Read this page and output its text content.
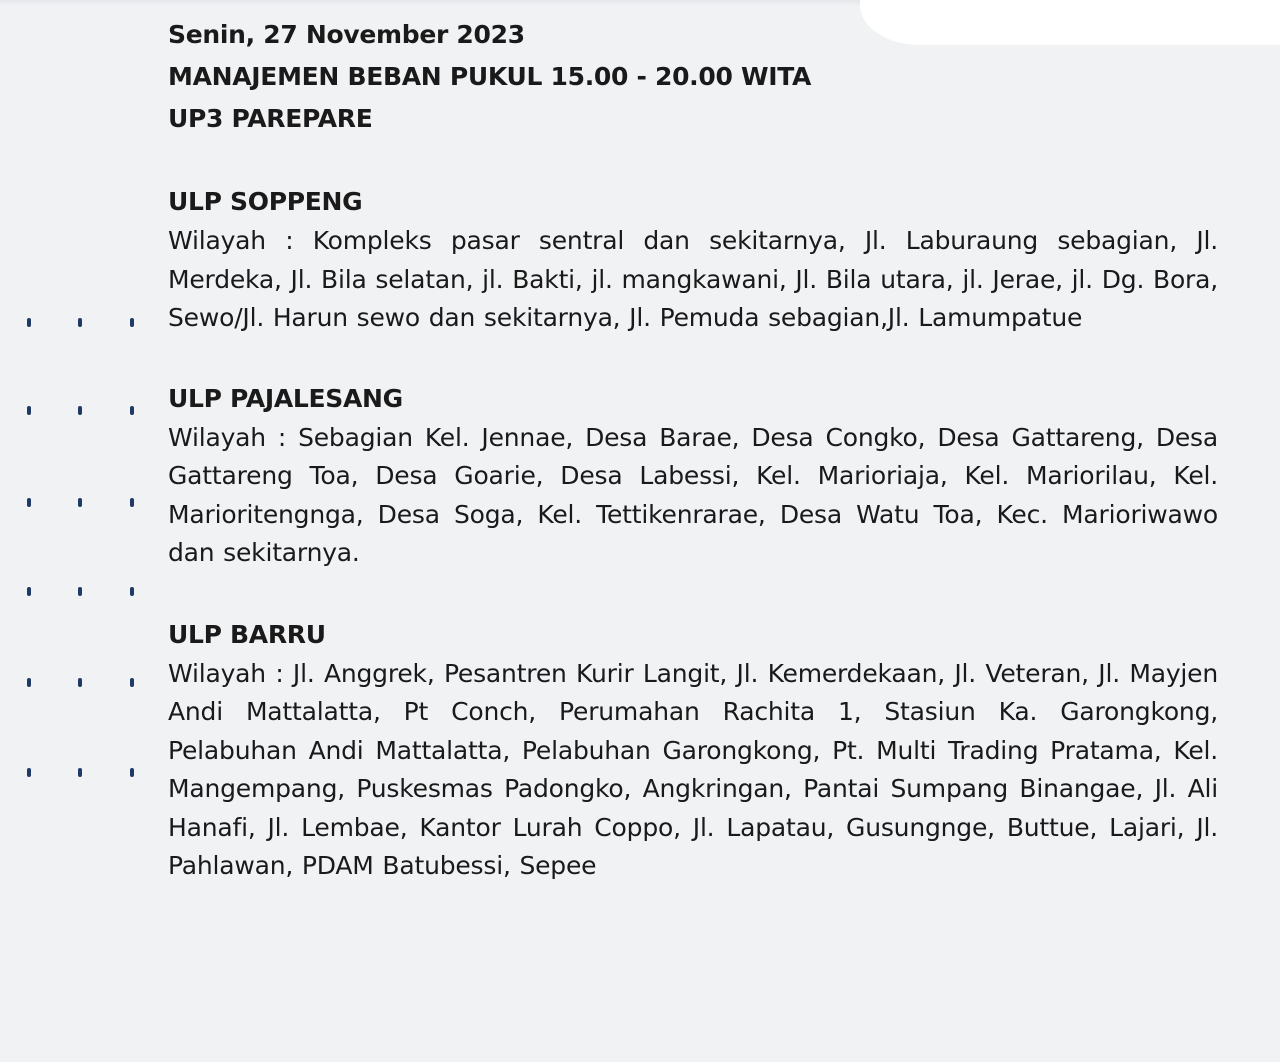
Senin, 27 November 2023

MANAJEMEN BEBAN PUKUL 15.00 - 20.00 WITA

UP3 PAREPARE

ULP SOPPENG

Wilayah : Kompleks pasar sentral dan sekitarnya, Jl. Laburaung sebagian, Jl. Merdeka, Jl. Bila selatan, jl. Bakti, jl. mangkawani, Jl. Bila utara, jl. Jerae, jl. Dg. Bora, Sewo/Jl. Harun sewo dan sekitarnya, Jl. Pemuda sebagian,Jl. Lamumpatue

ULP PAJALESANG

Wilayah : Sebagian Kel. Jennae, Desa Barae, Desa Congko, Desa Gattareng, Desa Gattareng Toa, Desa Goarie, Desa Labessi, Kel. Marioriaja, Kel. Mariorilau, Kel. Marioritengnga, Desa Soga, Kel. Tettikenrarae, Desa Watu Toa, Kec. Marioriwawo dan sekitarnya.

ULP BARRU

Wilayah : Jl. Anggrek, Pesantren Kurir Langit, Jl. Kemerdekaan, Jl. Veteran, Jl. Mayjen Andi Mattalatta, Pt Conch, Perumahan Rachita 1, Stasiun Ka. Garongkong, Pelabuhan Andi Mattalatta, Pelabuhan Garongkong, Pt. Multi Trading Pratama, Kel. Mangempang, Puskesmas Padongko, Angkringan, Pantai Sumpang Binangae, Jl. Ali Hanafi, Jl. Lembae, Kantor Lurah Coppo, Jl. Lapatau, Gusungnge, Buttue, Lajari, Jl. Pahlawan, PDAM Batubessi, Sepee
